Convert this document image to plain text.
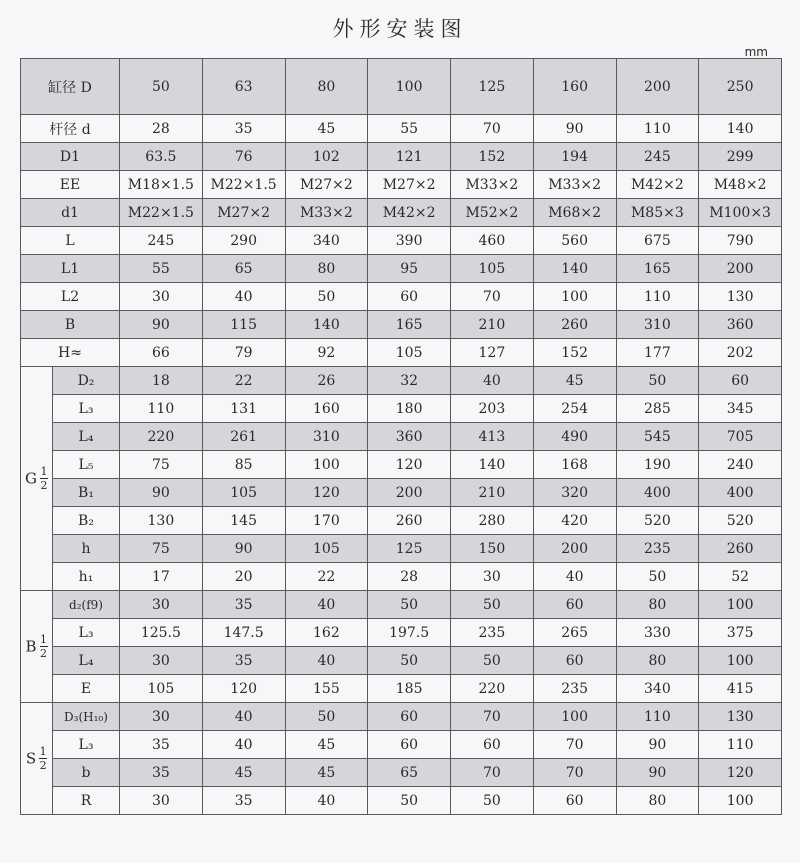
外形安装图
mm
缸径 D		50	63	80	100	125	160	200	250
杆径 d		28	35	45	55	70	90	110	140
D1		63.5	76	102	121	152	194	245	299
EE		M18×1.5	M22×1.5	M27×2	M27×2	M33×2	M33×2	M42×2	M48×2
d1		M22×1.5	M27×2	M33×2	M42×2	M52×2	M68×2	M85×3	M100×3
L		245	290	340	390	460	560	675	790
L1		55	65	80	95	105	140	165	200
L2		30	40	50	60	70	100	110	130
B		90	115	140	165	210	260	310	360
H≈		66	79	92	105	127	152	177	202
G $\frac{1}{2}$	D₂	18	22	26	32	40	45	50	60
	L₃	110	131	160	180	203	254	285	345
	L₄	220	261	310	360	413	490	545	705
	L₅	75	85	100	120	140	168	190	240
	B₁	90	105	120	200	210	320	400	400
	B₂	130	145	170	260	280	420	520	520
	h	75	90	105	125	150	200	235	260
	h₁	17	20	22	28	30	40	50	52
B $\frac{1}{2}$	d₂(f9)	30	35	40	50	50	60	80	100
	L₃	125.5	147.5	162	197.5	235	265	330	375
	L₄	30	35	40	50	50	60	80	100
	E	105	120	155	185	220	235	340	415
S $\frac{1}{2}$	D₃(H₁₀)	30	40	50	60	70	100	110	130
	L₃	35	40	45	60	60	70	90	110
	b	35	45	45	65	70	70	90	120
	R	30	35	40	50	50	60	80	100
